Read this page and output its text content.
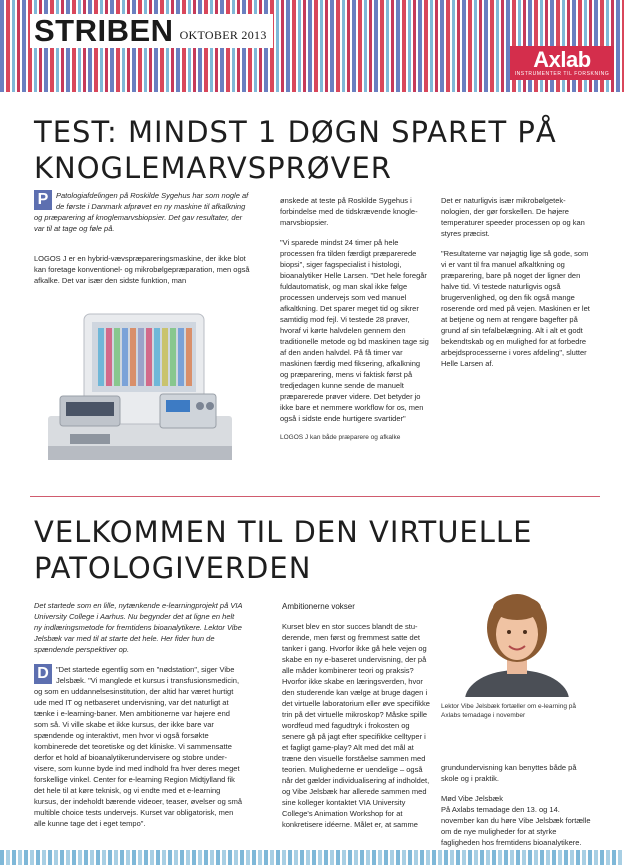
STRIBEN OKTOBER 2013
Axlab
INSTRUMENTER TIL FORSKNING
TEST: MINDST 1 DØGN SPARET PÅ KNOGLEMARVSPRØVER
P	Patologiafdelingen på Roskilde Sygehus har som nogle af de første i Danmark afprøvet en ny maskine til afkalkning og præparering af knoglemarvsbiopsier. Det gav resultater, der var til at tage og føle på.

LOGOS J er en hybrid-vævspræpareringsmaskine, der ikke blot kan foretage konventionel- og mikrobølgepræparation, men også afkalke. Det var især den sidste funktion, man

ønskede at teste på Roskilde Sygehus i forbindelse med de tidskrævende knoglemarvsbiopsier.

"Vi sparede mindst 24 timer på hele processen fra tilden færdigt præparerede biopsi", siger fagspecialist i histologi, bioanalytiker Helle Larsen. "Det hele foregår fuldautomatisk, og man skal ikke følge processen undervejs som ved manuel afkaltkning. Det sparer meget tid og sikrer samtidig mod fejl. Vi testede 28 prøver, hvoraf vi kørte halvdelen gennem den traditionelle metode og bd maskinen tage sig af den anden halvdel. På få timer var maskinen færdig med fiksering, afkalkning og præparering, mens vi faktisk først på tredjedagen kunne sende de manuelt præparerede prøver videre. Det betyder jo ikke bare et nemmere workflow for os, men også i sidste ende hurtigere svartider"

LOGOS J kan både præparere og afkalke

Det er naturligvis især mikrobølgeteknologien, der gør forskellen. De højere temperaturer speeder processen op og kan styres præcist.

"Resultaterne var nøjagtig lige så gode, som vi er vant til fra manuel afkaltkning og præparering, bare på noget der ligner den halve tid. Vi testede naturligvis også brugervenlighed, og den fik også mange roserende ord med på vejen. Maskinen er let at betjene og nem at rengøre bagefter på grund af sin tefalbelægning. Alt i alt et godt bekendtskab og en mulighed for at forbedre arbejdsprocesserne i vores afdeling", slutter Helle Larsen af.

VELKOMMEN TIL DEN VIRTUELLE PATOLOGIVERDEN

Det startede som en lille, nytænkende e-learningprojekt på VIA University College i Aarhus. Nu begynder det at ligne en helt ny indlæringsmetode for fremtidens bioanalytikere. Lektor Vibe Jelsbæk var med til at starte det hele. Her fider hun de spændende perspektiver op.

D "Det startede egentlig som en "nødstation", siger Vibe Jelsbæk. "Vi manglede et kursus i transfusionsmedicin, og som en uddannelsesinstitution, der altid har været hurtigt ude med IT og netbaseret undervisning, var det naturligt at tænke i e-learning-baner. Men ambitionerne var højere end som så. Vi ville skabe et ikke kursus, der ikke bare var spændende og interaktivt, men hvor vi også forsøkte kombinerede det teoretiske og det kliniske. Vi sammensatte derfor et hold af bioanalytikerundervisere og stobre undervisere, som kunne byde ind med indhold fra hver deres meget forskellige vinkel. Center for e-learning Region Midtjylland fik det hele til at køre teknisk, og vi endte med et e-learning kursus, der indeholdt bærende videoer, teaser, øvelser og små multible choice tests undervejs. Kurset var obligatorisk, men alle kunne tage det i eget tempo".

Ambitionerne vokser

Kurset blev en stor succes blandt de studerende, men først og fremmest satte det tanker i gang. Hvorfor ikke gå hele vejen og skabe en ny e-baseret undervisning, der på alle måder kombinerer teori og praksis? Hvorfor ikke skabe en læringsverden, hvor den studerende kan vælge at bruge dagen i det virtuelle laboratorium eller øve specifikke trin på det virtuelle mikroskop? Måske spille wordfeud med fagudtryk i frokosten og senere gå på jagt efter specifikke celltyper i et fagligt game-play? Alt med det mål at træne den visuelle forståelse sammen med teorien. Mulighederne er uendelige – også når det gælder individualisering af indholdet, og Vibe Jelsbæk har allerede sammen med sine kolleger kontaktet VIA University College's Animation Workshop for at konkretisere idéerne. Målet er, at samme

Lektor Vibe Jelsbæk fortæller om e-learning på Axlabs temadage i november

grundundervisning kan benyttes både på skole og i praktik.

Mød Vibe Jelsbæk
På Axlabs temadage den 13. og 14. november kan du høre Vibe Jelsbæk fortælle om de nye muligheder for at styrke fagligheden hos fremtidens bioanalytikere.
